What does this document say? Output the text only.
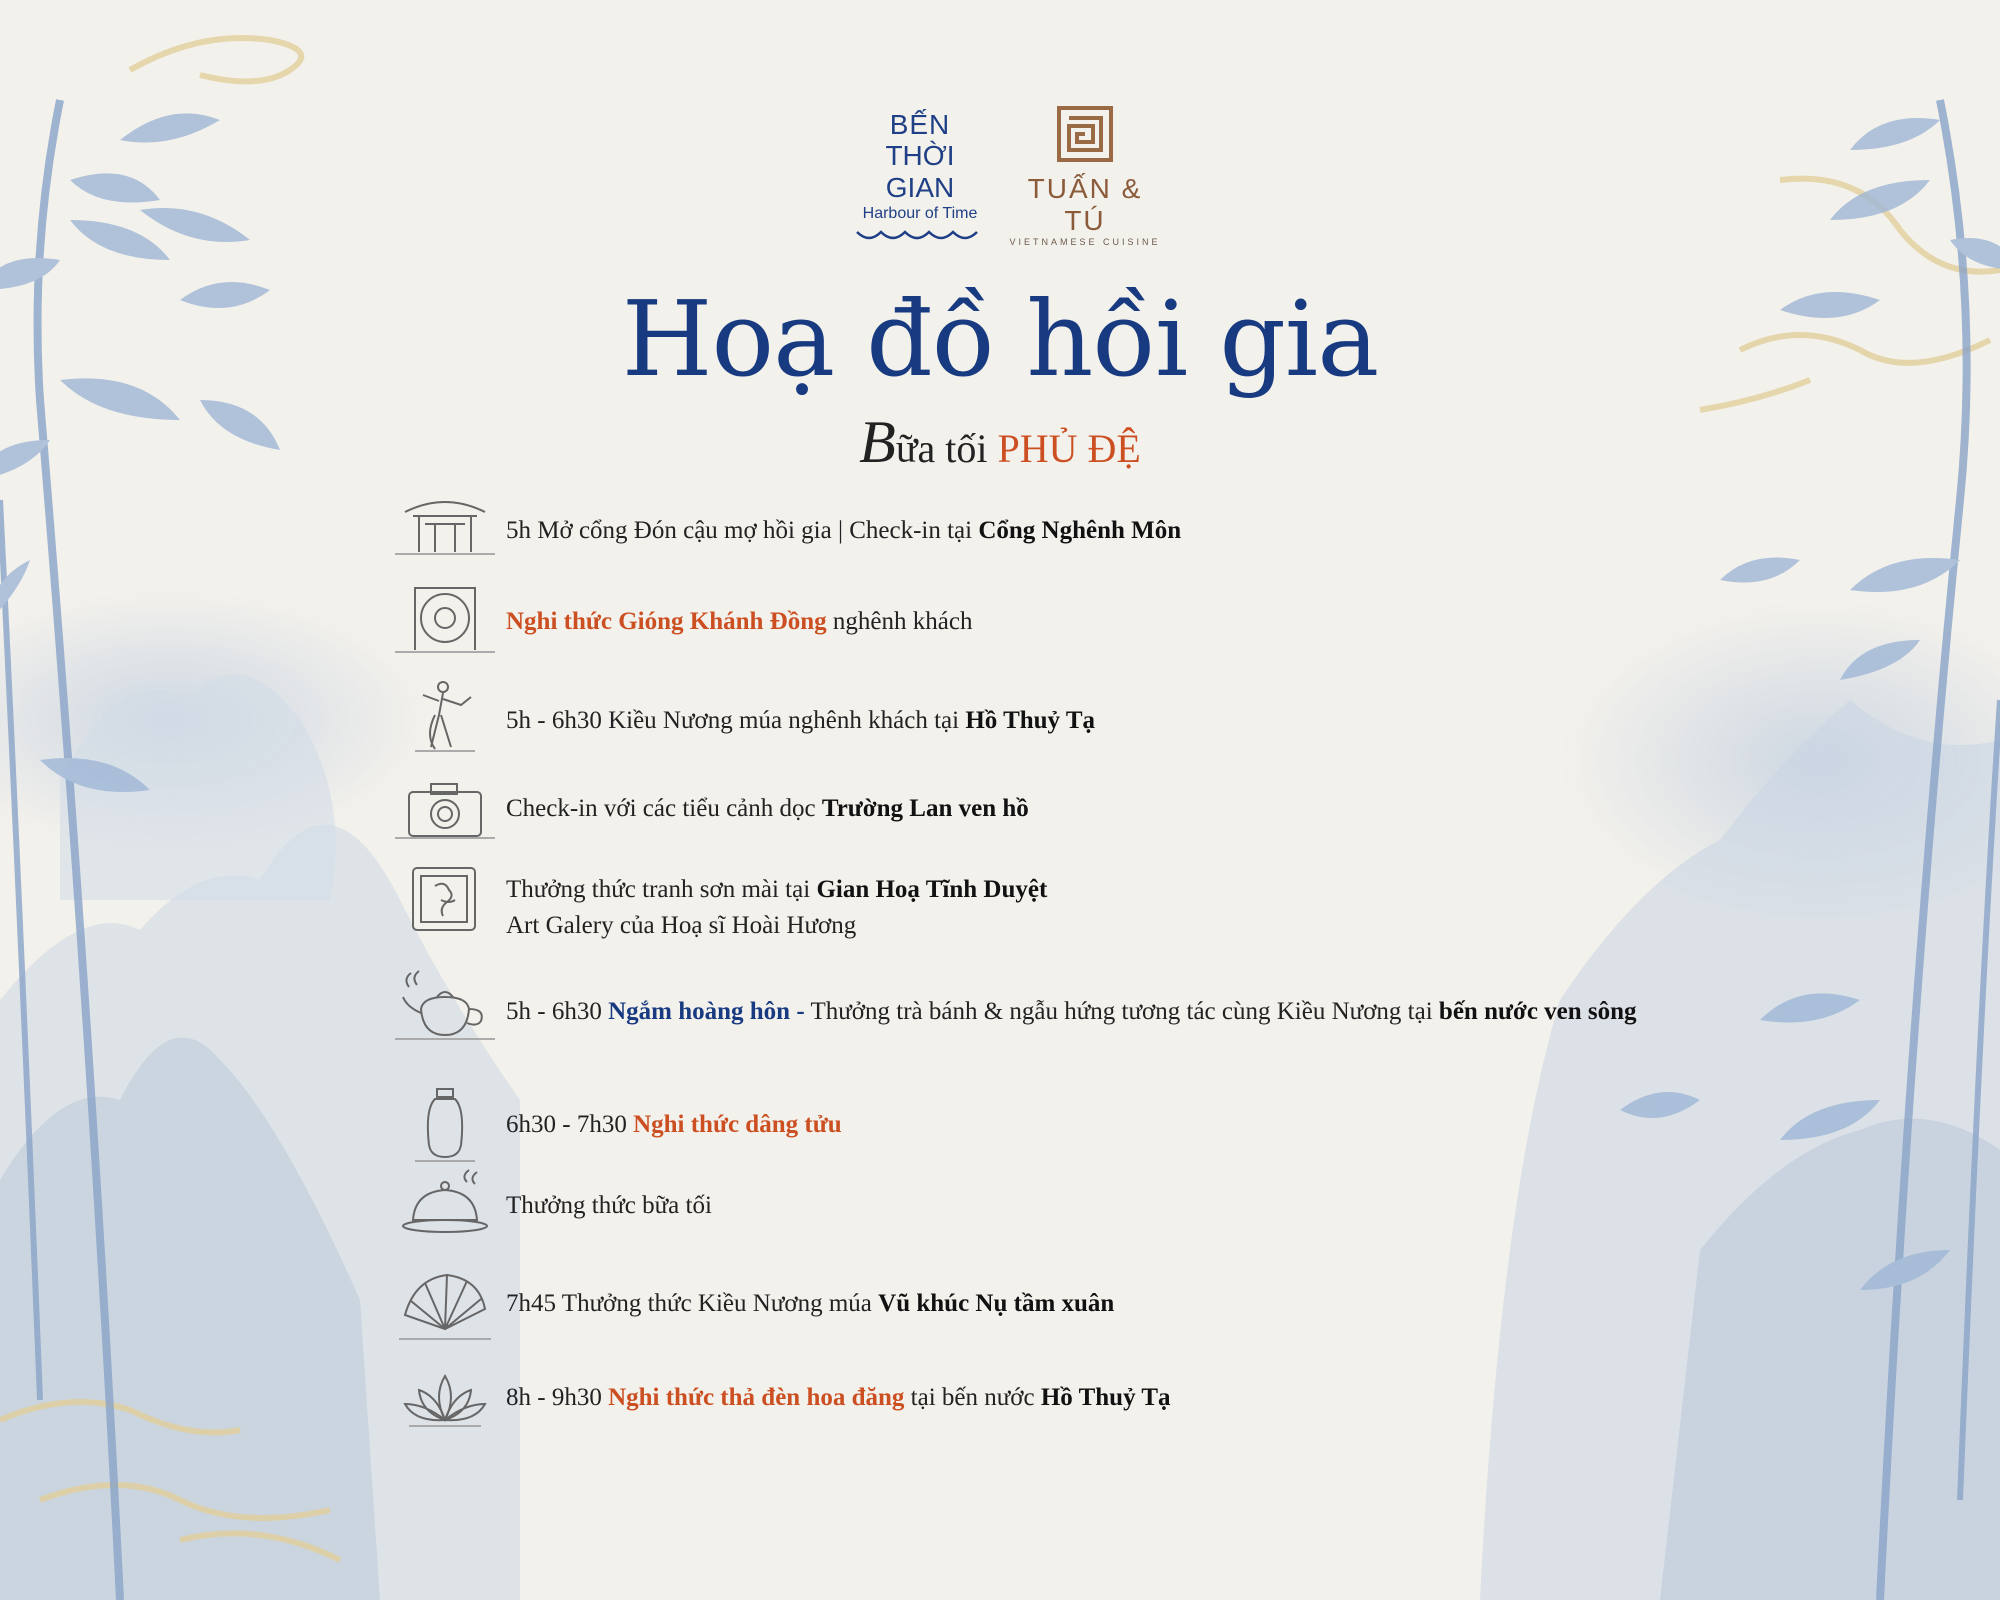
BẾN
THỜI GIAN
Harbour of Time
TUẤN & TÚ
VIETNAMESE CUISINE
Hoạ đồ hồi gia
Bữa tối PHỦ ĐỆ
5h Mở cổng Đón cậu mợ hồi gia | Check-in tại Cổng Nghênh Môn
Nghi thức Gióng Khánh Đồng nghênh khách
5h - 6h30 Kiều Nương múa nghênh khách tại Hồ Thuỷ Tạ
Check-in với các tiểu cảnh dọc Trường Lan ven hồ
Thưởng thức tranh sơn mài tại Gian Hoạ Tĩnh Duyệt
Art Galery của Hoạ sĩ Hoài Hương
5h - 6h30 Ngắm hoàng hôn - Thưởng trà bánh & ngẫu hứng tương tác cùng Kiều Nương tại bến nước ven sông
6h30 - 7h30 Nghi thức dâng tửu
Thưởng thức bữa tối
7h45 Thưởng thức Kiều Nương múa Vũ khúc Nụ tầm xuân
8h - 9h30 Nghi thức thả đèn hoa đăng tại bến nước Hồ Thuỷ Tạ
